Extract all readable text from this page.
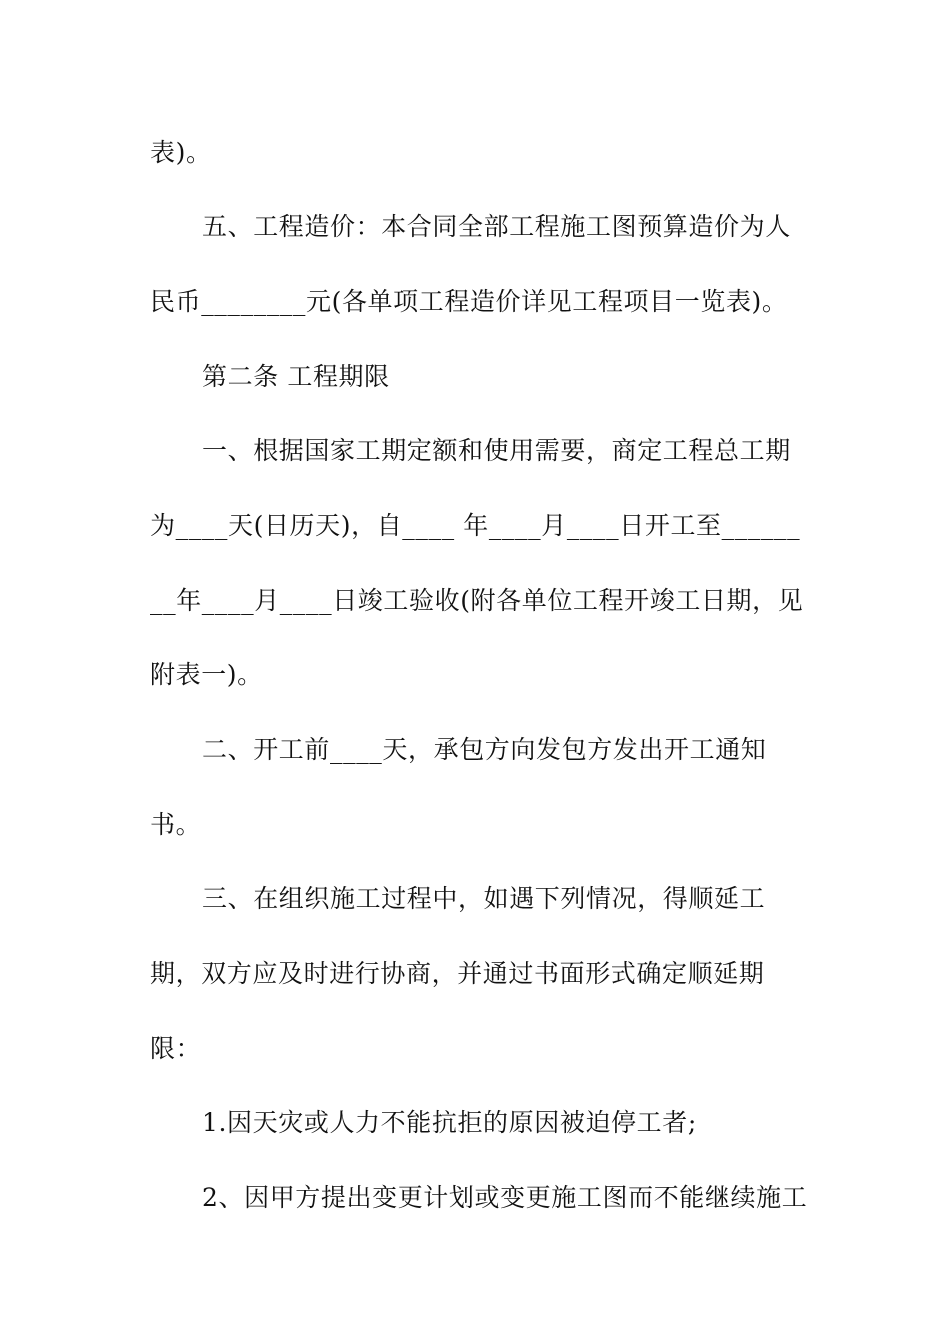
表)。
五、工程造价：本合同全部工程施工图预算造价为人
民币________元(各单项工程造价详见工程项目一览表)。
第二条 工程期限
一、根据国家工期定额和使用需要，商定工程总工期
为____天(日历天)，自____ 年____月____日开工至______
__年____月____日竣工验收(附各单位工程开竣工日期，见
附表一)。
二、开工前____天，承包方向发包方发出开工通知
书。
三、在组织施工过程中，如遇下列情况，得顺延工
期，双方应及时进行协商，并通过书面形式确定顺延期
限：
1.因天灾或人力不能抗拒的原因被迫停工者;
2、因甲方提出变更计划或变更施工图而不能继续施工
